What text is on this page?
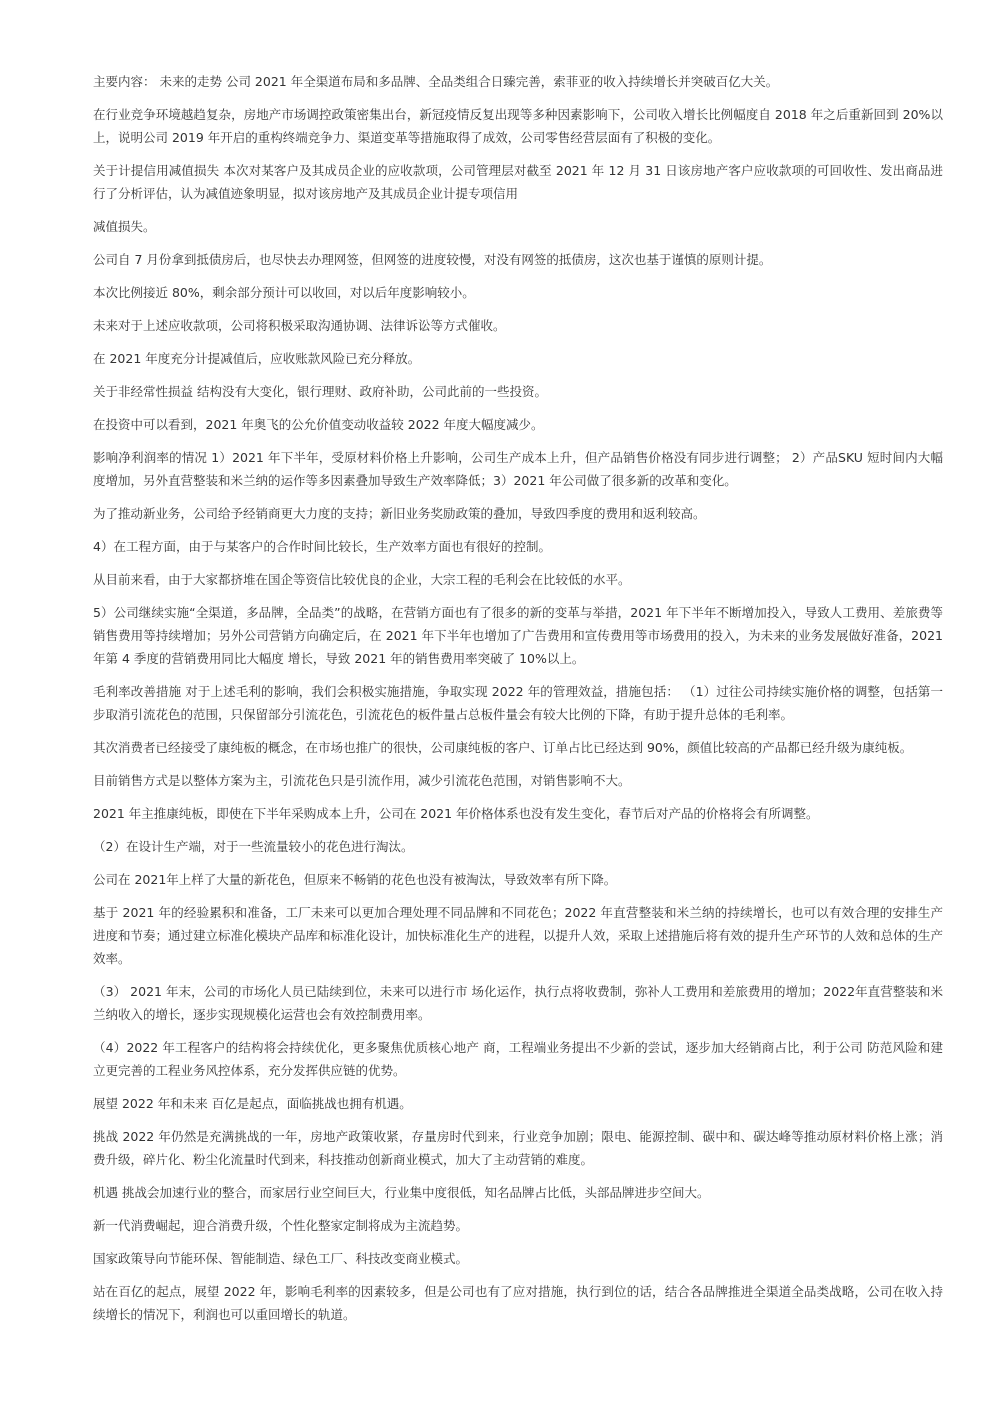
主要内容： 未来的走势 公司 2021 年全渠道布局和多品牌、全品类组合日臻完善，索菲亚的收入持续增长并突破百亿大关。

在行业竞争环境越趋复杂，房地产市场调控政策密集出台，新冠疫情反复出现等多种因素影响下，公司收入增长比例幅度自 2018 年之后重新回到 20%以上，说明公司 2019 年开启的重构终端竞争力、渠道变革等措施取得了成效，公司零售经营层面有了积极的变化。

关于计提信用减值损失 本次对某客户及其成员企业的应收款项，公司管理层对截至 2021 年 12 月 31 日该房地产客户应收款项的可回收性、发出商品进行了分析评估，认为减值迹象明显，拟对该房地产及其成员企业计提专项信用

减值损失。

公司自 7 月份拿到抵债房后，也尽快去办理网签，但网签的进度较慢，对没有网签的抵债房，这次也基于谨慎的原则计提。

本次比例接近 80%，剩余部分预计可以收回，对以后年度影响较小。

未来对于上述应收款项，公司将积极采取沟通协调、法律诉讼等方式催收。

在 2021 年度充分计提减值后，应收账款风险已充分释放。

关于非经常性损益 结构没有大变化，银行理财、政府补助，公司此前的一些投资。

在投资中可以看到，2021 年奥飞的公允价值变动收益较 2022 年度大幅度减少。

影响净利润率的情况 1）2021 年下半年，受原材料价格上升影响，公司生产成本上升，但产品销售价格没有同步进行调整； 2）产品SKU 短时间内大幅度增加，另外直营整装和米兰纳的运作等多因素叠加导致生产效率降低；3）2021 年公司做了很多新的改革和变化。

为了推动新业务，公司给予经销商更大力度的支持；新旧业务奖励政策的叠加，导致四季度的费用和返利较高。

4）在工程方面，由于与某客户的合作时间比较长，生产效率方面也有很好的控制。

从目前来看，由于大家都挤堆在国企等资信比较优良的企业，大宗工程的毛利会在比较低的水平。

5）公司继续实施“全渠道，多品牌，全品类”的战略，在营销方面也有了很多的新的变革与举措，2021 年下半年不断增加投入，导致人工费用、差旅费等销售费用等持续增加；另外公司营销方向确定后，在 2021 年下半年也增加了广告费用和宣传费用等市场费用的投入，为未来的业务发展做好准备，2021 年第 4 季度的营销费用同比大幅度 增长，导致 2021 年的销售费用率突破了 10%以上。

毛利率改善措施 对于上述毛利的影响，我们会积极实施措施，争取实现 2022 年的管理效益，措施包括： （1）过往公司持续实施价格的调整，包括第一步取消引流花色的范围，只保留部分引流花色，引流花色的板件量占总板件量会有较大比例的下降，有助于提升总体的毛利率。

其次消费者已经接受了康纯板的概念，在市场也推广的很快，公司康纯板的客户、订单占比已经达到 90%，颜值比较高的产品都已经升级为康纯板。

目前销售方式是以整体方案为主，引流花色只是引流作用，减少引流花色范围，对销售影响不大。

2021 年主推康纯板，即使在下半年采购成本上升，公司在 2021 年价格体系也没有发生变化，春节后对产品的价格将会有所调整。

（2）在设计生产端，对于一些流量较小的花色进行淘汰。

公司在 2021年上样了大量的新花色，但原来不畅销的花色也没有被淘汰，导致效率有所下降。

基于 2021 年的经验累积和准备，工厂未来可以更加合理处理不同品牌和不同花色；2022 年直营整装和米兰纳的持续增长，也可以有效合理的安排生产进度和节奏；通过建立标准化模块产品库和标准化设计，加快标准化生产的进程，以提升人效，采取上述措施后将有效的提升生产环节的人效和总体的生产效率。

（3） 2021 年末，公司的市场化人员已陆续到位，未来可以进行市 场化运作，执行点将收费制，弥补人工费用和差旅费用的增加；2022年直营整装和米兰纳收入的增长，逐步实现规模化运营也会有效控制费用率。

（4）2022 年工程客户的结构将会持续优化，更多聚焦优质核心地产 商，工程端业务提出不少新的尝试，逐步加大经销商占比，利于公司 防范风险和建立更完善的工程业务风控体系，充分发挥供应链的优势。

展望 2022 年和未来 百亿是起点，面临挑战也拥有机遇。

挑战 2022 年仍然是充满挑战的一年，房地产政策收紧，存量房时代到来，行业竞争加剧；限电、能源控制、碳中和、碳达峰等推动原材料价格上涨；消费升级，碎片化、粉尘化流量时代到来，科技推动创新商业模式，加大了主动营销的难度。

机遇 挑战会加速行业的整合，而家居行业空间巨大，行业集中度很低，知名品牌占比低，头部品牌进步空间大。

新一代消费崛起，迎合消费升级，个性化整家定制将成为主流趋势。

国家政策导向节能环保、智能制造、绿色工厂、科技改变商业模式。

站在百亿的起点，展望 2022 年，影响毛利率的因素较多，但是公司也有了应对措施，执行到位的话，结合各品牌推进全渠道全品类战略，公司在收入持续增长的情况下，利润也可以重回增长的轨道。
